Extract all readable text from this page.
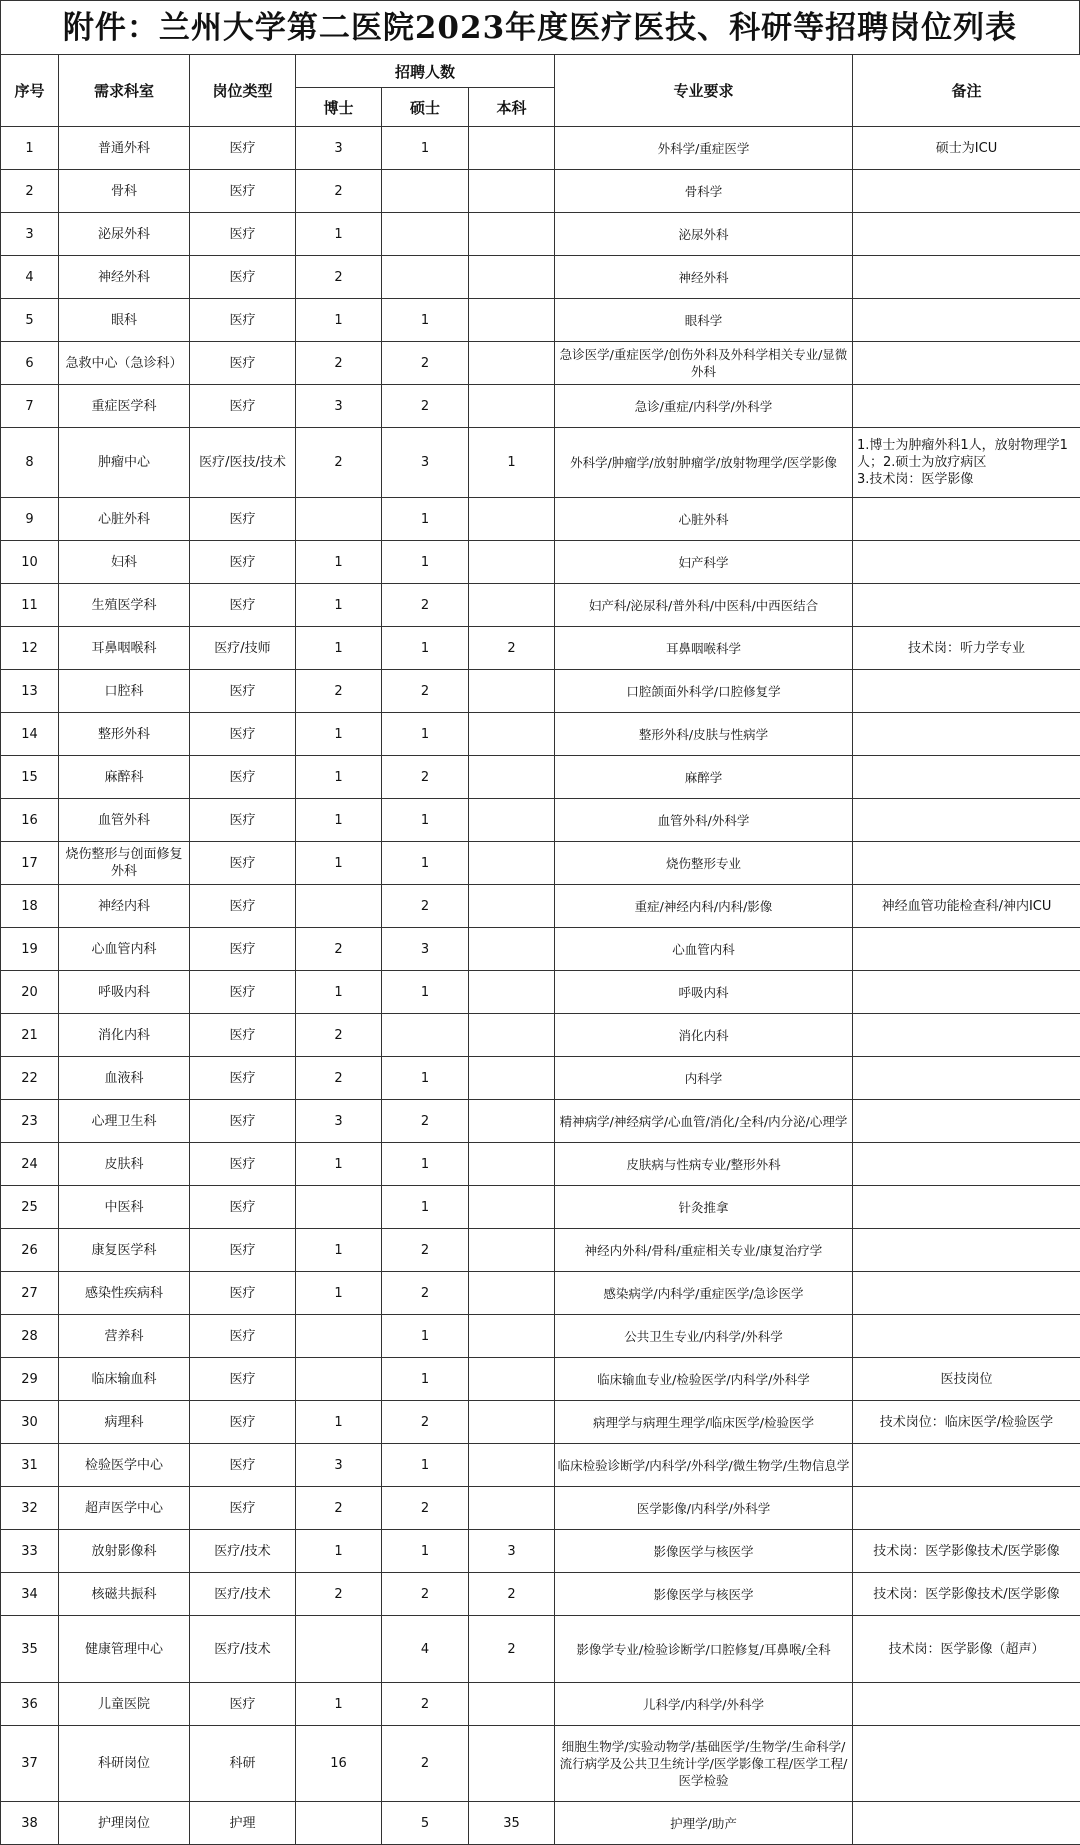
附件：兰州大学第二医院2023年度医疗医技、科研等招聘岗位列表
序号	需求科室	岗位类型	招聘人数			专业要求	备注
			博士	硕士	本科		
1	普通外科	医疗	3	1		外科学/重症医学	硕士为ICU
2	骨科	医疗	2			骨科学	
3	泌尿外科	医疗	1			泌尿外科	
4	神经外科	医疗	2			神经外科	
5	眼科	医疗	1	1		眼科学	
6	急救中心（急诊科）	医疗	2	2		急诊医学/重症医学/创伤外科及外科学相关专业/显微外科	
7	重症医学科	医疗	3	2		急诊/重症/内科学/外科学	
8	肿瘤中心	医疗/医技/技术	2	3	1	外科学/肿瘤学/放射肿瘤学/放射物理学/医学影像	1.博士为肿瘤外科1人，放射物理学1人；2.硕士为放疗病区
3.技术岗：医学影像
9	心脏外科	医疗		1		心脏外科	
10	妇科	医疗	1	1		妇产科学	
11	生殖医学科	医疗	1	2		妇产科/泌尿科/普外科/中医科/中西医结合	
12	耳鼻咽喉科	医疗/技师	1	1	2	耳鼻咽喉科学	技术岗：听力学专业
13	口腔科	医疗	2	2		口腔颌面外科学/口腔修复学	
14	整形外科	医疗	1	1		整形外科/皮肤与性病学	
15	麻醉科	医疗	1	2		麻醉学	
16	血管外科	医疗	1	1		血管外科/外科学	
17	烧伤整形与创面修复外科	医疗	1	1		烧伤整形专业	
18	神经内科	医疗		2		重症/神经内科/内科/影像	神经血管功能检查科/神内ICU
19	心血管内科	医疗	2	3		心血管内科	
20	呼吸内科	医疗	1	1		呼吸内科	
21	消化内科	医疗	2			消化内科	
22	血液科	医疗	2	1		内科学	
23	心理卫生科	医疗	3	2		精神病学/神经病学/心血管/消化/全科/内分泌/心理学	
24	皮肤科	医疗	1	1		皮肤病与性病专业/整形外科	
25	中医科	医疗		1		针灸推拿	
26	康复医学科	医疗	1	2		神经内外科/骨科/重症相关专业/康复治疗学	
27	感染性疾病科	医疗	1	2		感染病学/内科学/重症医学/急诊医学	
28	营养科	医疗		1		公共卫生专业/内科学/外科学	
29	临床输血科	医疗		1		临床输血专业/检验医学/内科学/外科学	医技岗位
30	病理科	医疗	1	2		病理学与病理生理学/临床医学/检验医学	技术岗位：临床医学/检验医学
31	检验医学中心	医疗	3	1		临床检验诊断学/内科学/外科学/微生物学/生物信息学	
32	超声医学中心	医疗	2	2		医学影像/内科学/外科学	
33	放射影像科	医疗/技术	1	1	3	影像医学与核医学	技术岗：医学影像技术/医学影像
34	核磁共振科	医疗/技术	2	2	2	影像医学与核医学	技术岗：医学影像技术/医学影像
35	健康管理中心	医疗/技术		4	2	影像学专业/检验诊断学/口腔修复/耳鼻喉/全科	技术岗：医学影像（超声）
36	儿童医院	医疗	1	2		儿科学/内科学/外科学	
37	科研岗位	科研	16	2		细胞生物学/实验动物学/基础医学/生物学/生命科学/流行病学及公共卫生统计学/医学影像工程/医学工程/医学检验	
38	护理岗位	护理		5	35	护理学/助产	
